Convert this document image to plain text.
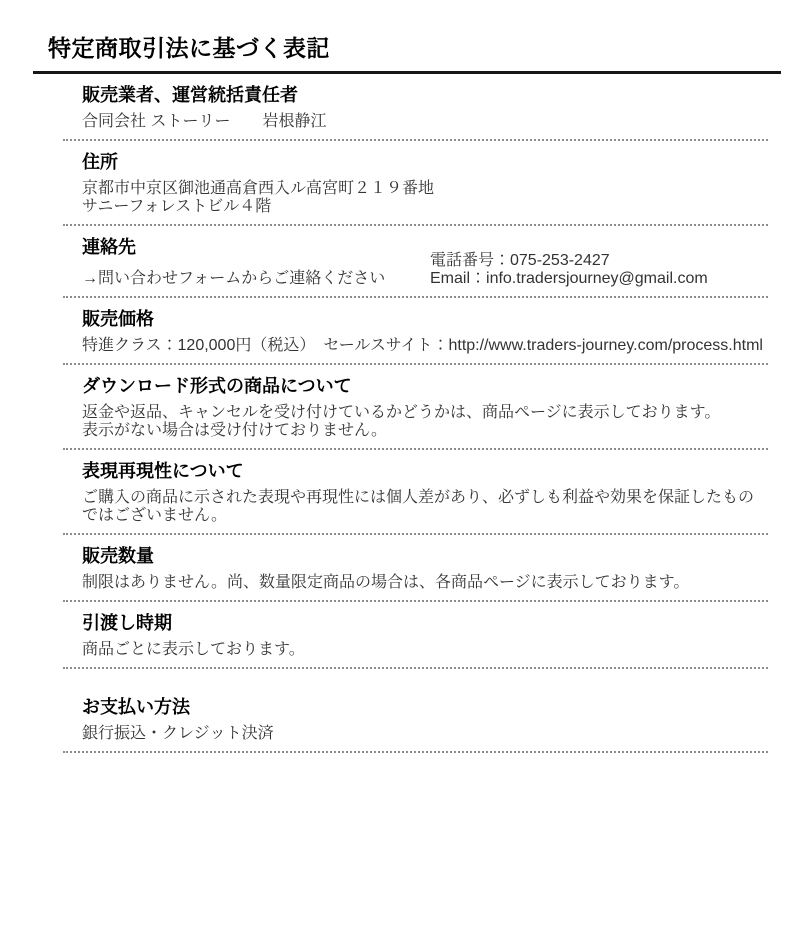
特定商取引法に基づく表記
販売業者、運営統括責任者

合同会社 ストーリー　　岩根静江

住所

京都市中京区御池通高倉西入ル高宮町２１９番地

サニーフォレストビル４階

連絡先

→問い合わせフォームからご連絡ください

電話番号：075-253-2427

Email：info.tradersjourney@gmail.com

販売価格

特進クラス：120,000円（税込）　セールスサイト：http://www.traders-journey.com/process.html

ダウンロード形式の商品について

返金や返品、キャンセルを受け付けているかどうかは、商品ページに表示しております。

表示がない場合は受け付けておりません。

表現再現性について

ご購入の商品に示された表現や再現性には個人差があり、必ずしも利益や効果を保証したもの

ではございません。

販売数量

制限はありません。尚、数量限定商品の場合は、各商品ページに表示しております。

引渡し時期

商品ごとに表示しております。

お支払い方法

銀行振込・クレジット決済
